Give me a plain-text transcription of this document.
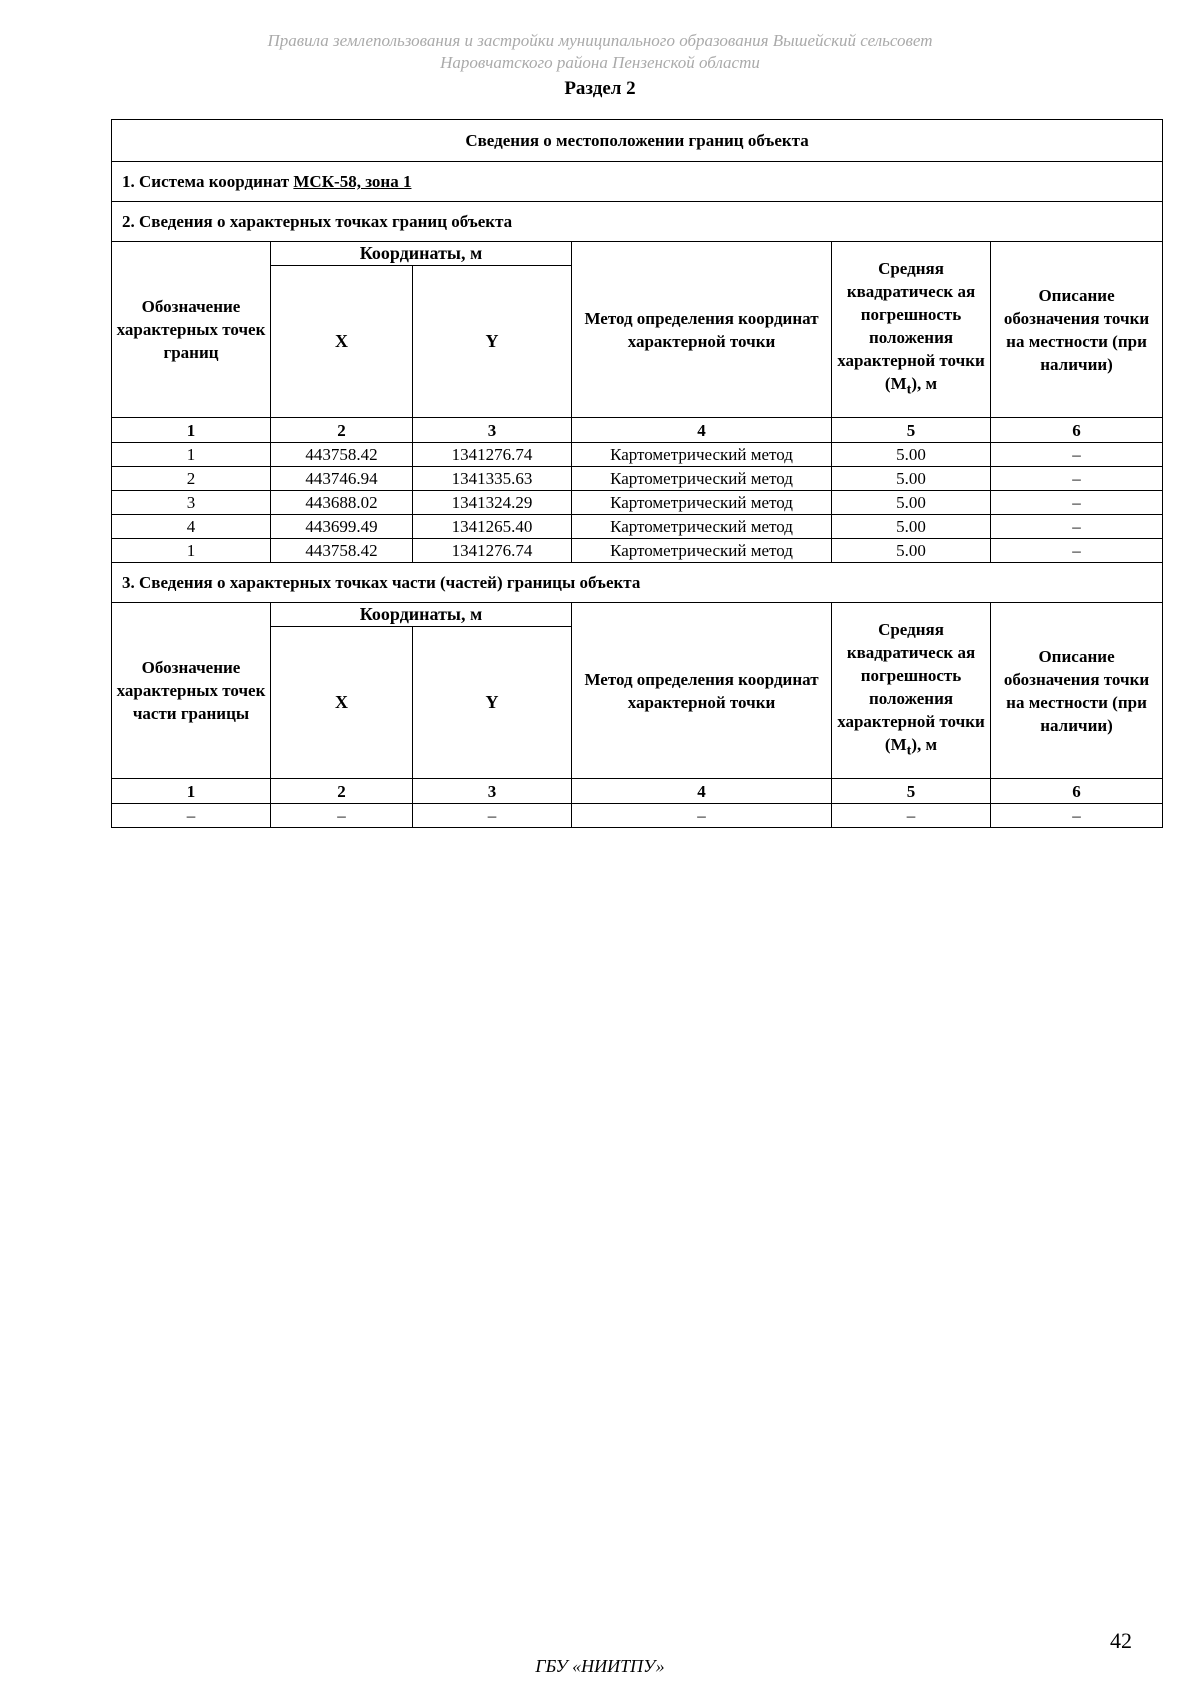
Правила землепользования и застройки муниципального образования Вышейский сельсовет
Наровчатского района Пензенской области
Раздел 2
Сведения о местоположении границ объекта					
1. Система координат МСК-58, зона 1					
2. Сведения о характерных точках границ объекта					
Обозначение характерных точек границ	Координаты, м		Метод определения координат характерной точки	Средняя квадратическ ая погрешность положения характерной точки $(M_t)$, м	Описание обозначения точки на местности (при наличии)
	X	Y			
1	2	3	4	5	6
1	443758.42	1341276.74	Картометрический метод	5.00	–
2	443746.94	1341335.63	Картометрический метод	5.00	–
3	443688.02	1341324.29	Картометрический метод	5.00	–
4	443699.49	1341265.40	Картометрический метод	5.00	–
1	443758.42	1341276.74	Картометрический метод	5.00	–
3. Сведения о характерных точках части (частей) границы объекта					
Обозначение характерных точек части границы	Координаты, м		Метод определения координат характерной точки	Средняя квадратическ ая погрешность положения характерной точки $(M_t)$, м	Описание обозначения точки на местности (при наличии)
	X	Y			
1	2	3	4	5	6
–	–	–	–	–	–
42
ГБУ «НИИТПУ»
